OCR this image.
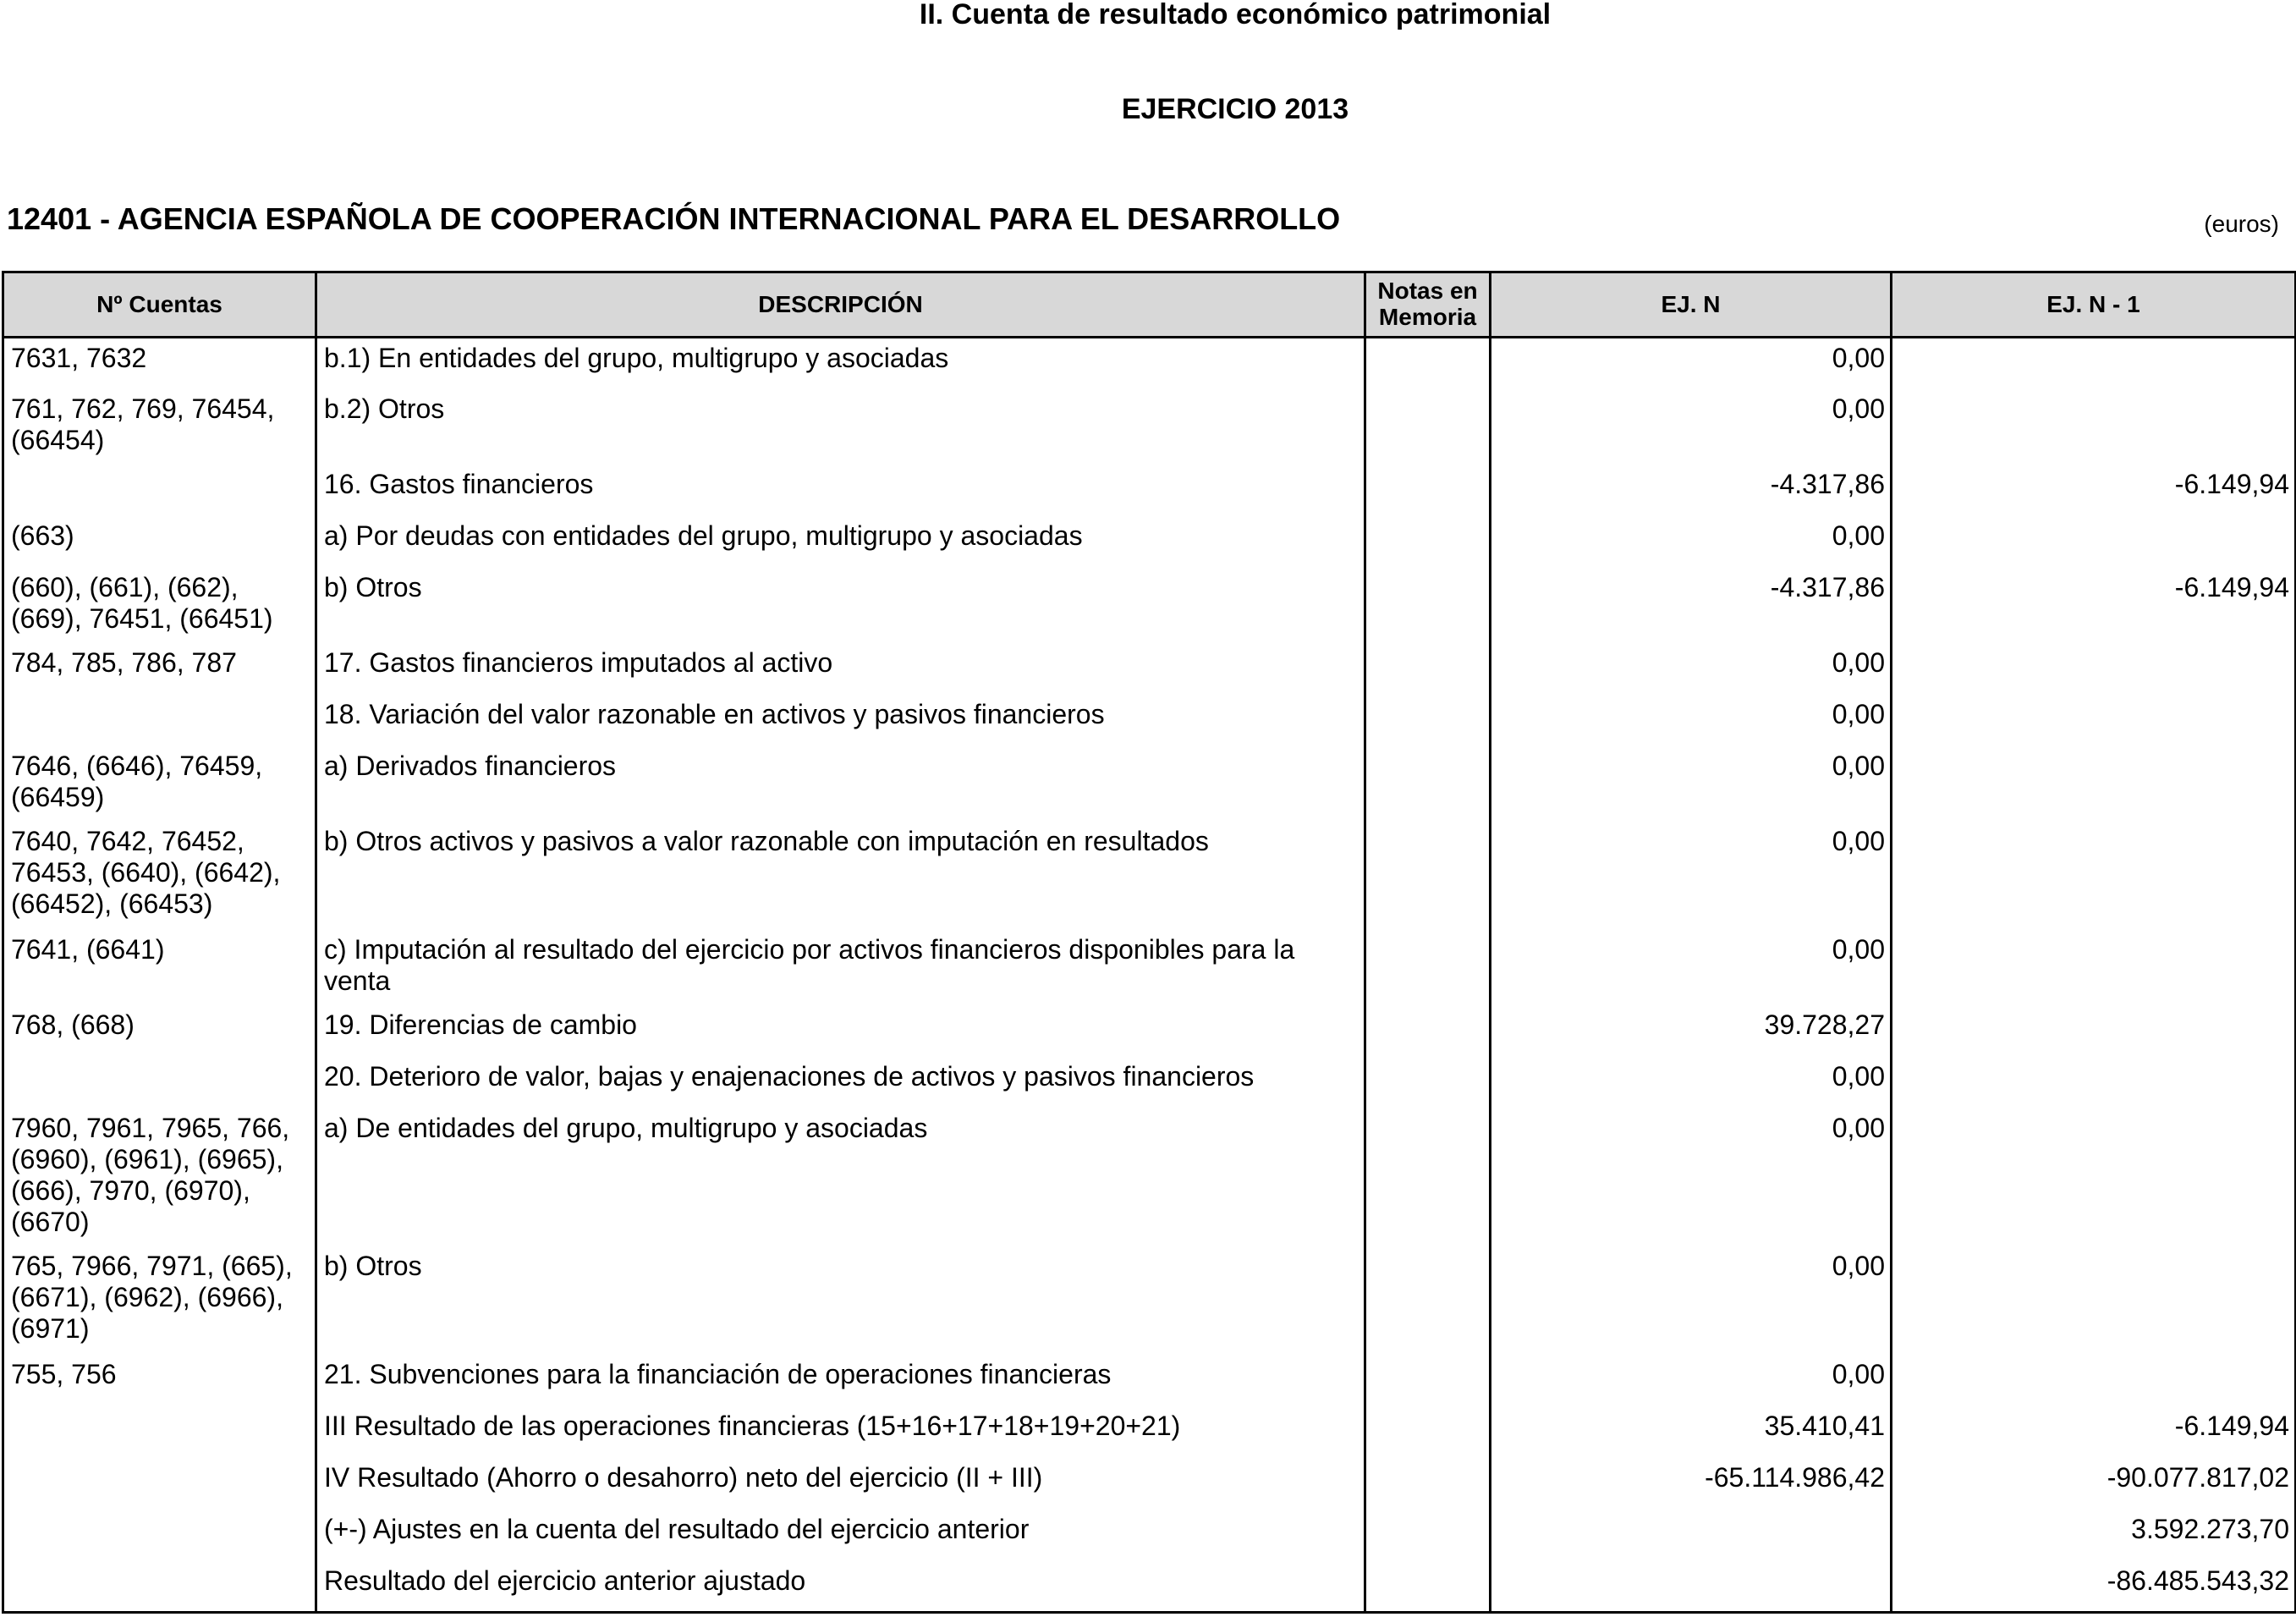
II. Cuenta de resultado económico patrimonial
EJERCICIO 2013
12401 - AGENCIA ESPAÑOLA DE COOPERACIÓN INTERNACIONAL PARA EL DESARROLLO	(euros)
Nº Cuentas	DESCRIPCIÓN	Notas en Memoria	EJ. N	EJ. N - 1
7631, 7632	b.1) En entidades del grupo, multigrupo y asociadas		0,00	
761, 762, 769, 76454, (66454)	b.2) Otros		0,00	
	16. Gastos financieros		-4.317,86	-6.149,94
(663)	a) Por deudas con entidades del grupo, multigrupo y asociadas		0,00	
(660), (661), (662), (669), 76451, (66451)	b) Otros		-4.317,86	-6.149,94
784, 785, 786, 787	17. Gastos financieros imputados al activo		0,00	
	18. Variación del valor razonable en activos y pasivos financieros		0,00	
7646, (6646), 76459, (66459)	a) Derivados financieros		0,00	
7640, 7642, 76452, 76453, (6640), (6642), (66452), (66453)	b) Otros activos y pasivos a valor razonable con imputación en resultados		0,00	
7641, (6641)	c) Imputación al resultado del ejercicio por activos financieros disponibles para la venta		0,00	
768, (668)	19. Diferencias de cambio		39.728,27	
	20. Deterioro de valor, bajas y enajenaciones de activos y pasivos financieros		0,00	
7960, 7961, 7965, 766, (6960), (6961), (6965), (666), 7970, (6970), (6670)	a) De entidades del grupo, multigrupo y asociadas		0,00	
765, 7966, 7971, (665), (6671), (6962), (6966), (6971)	b) Otros		0,00	
755, 756	21. Subvenciones para la financiación de operaciones financieras		0,00	
	III Resultado de las operaciones financieras (15+16+17+18+19+20+21)		35.410,41	-6.149,94
	IV Resultado (Ahorro o desahorro) neto del ejercicio (II + III)		-65.114.986,42	-90.077.817,02
	(+-) Ajustes en la cuenta del resultado del ejercicio anterior			3.592.273,70
	Resultado del ejercicio anterior ajustado			-86.485.543,32
